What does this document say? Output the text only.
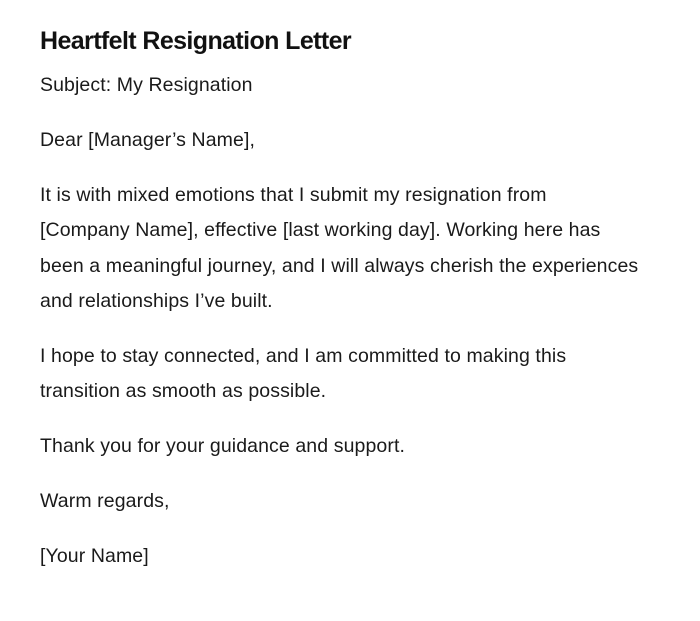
Heartfelt Resignation Letter

Subject: My Resignation

Dear [Manager’s Name],

It is with mixed emotions that I submit my resignation from [Company Name], effective [last working day]. Working here has been a meaningful journey, and I will always cherish the experiences and relationships I’ve built.

I hope to stay connected, and I am committed to making this transition as smooth as possible.

Thank you for your guidance and support.

Warm regards,

[Your Name]
